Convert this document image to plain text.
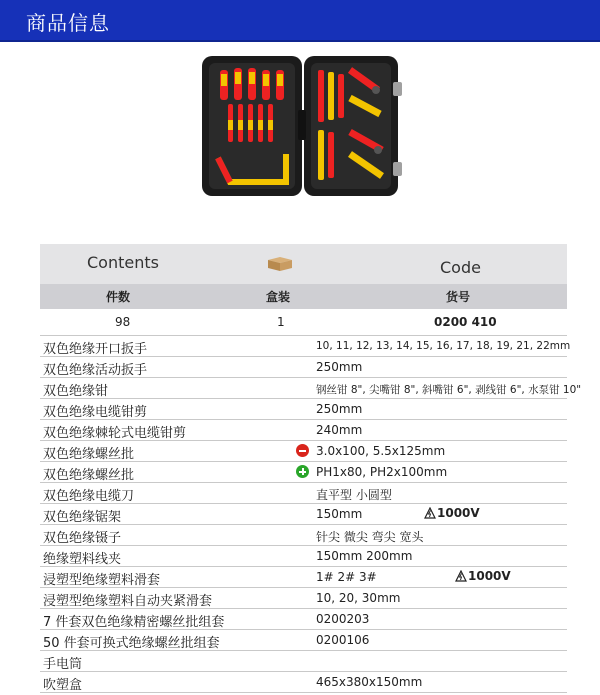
商品信息
Contents	Code
件数	盒装	货号
98	1	0200 410
双色绝缘开口扳手	10, 11, 12, 13, 14, 15, 16, 17, 18, 19, 21, 22mm
双色绝缘活动扳手	250mm
双色绝缘钳	钢丝钳 8", 尖嘴钳 8", 斜嘴钳 6", 剥线钳 6", 水泵钳 10"
双色绝缘电缆钳剪	250mm
双色绝缘棘轮式电缆钳剪	240mm
双色绝缘螺丝批	3.0x100, 5.5x125mm
双色绝缘螺丝批	PH1x80, PH2x100mm
双色绝缘电缆刀	直平型 小圆型
双色绝缘锯架	150mm	1000V
双色绝缘镊子	针尖 微尖 弯尖 宽头
绝缘塑料线夹	150mm 200mm
浸塑型绝缘塑料滑套	1# 2# 3#	1000V
浸塑型绝缘塑料自动夹紧滑套	10, 20, 30mm
7 件套双色绝缘精密螺丝批组套	0200203
50 件套可换式绝缘螺丝批组套	0200106
手电筒
吹塑盒	465x380x150mm
